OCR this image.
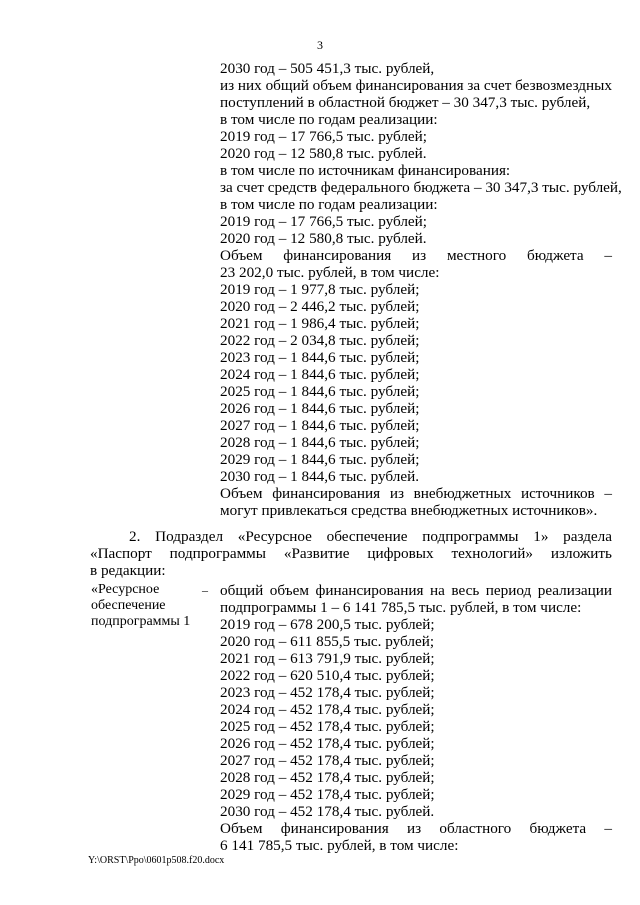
3
2030 год – 505 451,3 тыс. рублей,
из них общий объем финансирования за счет безвозмездных
поступлений в областной бюджет – 30 347,3 тыс. рублей,
в том числе по годам реализации:
2019 год – 17 766,5 тыс. рублей;
2020 год – 12 580,8 тыс. рублей.
в том числе по источникам финансирования:
за счет средств федерального бюджета – 30 347,3 тыс. рублей,
в том числе по годам реализации:
2019 год – 17 766,5 тыс. рублей;
2020 год – 12 580,8 тыс. рублей.
Объем финансирования из местного бюджета –
23 202,0 тыс. рублей, в том числе:
2019 год – 1 977,8 тыс. рублей;
2020 год – 2 446,2 тыс. рублей;
2021 год – 1 986,4 тыс. рублей;
2022 год – 2 034,8 тыс. рублей;
2023 год – 1 844,6 тыс. рублей;
2024 год – 1 844,6 тыс. рублей;
2025 год – 1 844,6 тыс. рублей;
2026 год – 1 844,6 тыс. рублей;
2027 год – 1 844,6 тыс. рублей;
2028 год – 1 844,6 тыс. рублей;
2029 год – 1 844,6 тыс. рублей;
2030 год – 1 844,6 тыс. рублей.
Объем финансирования из внебюджетных источников –
могут привлекаться средства внебюджетных источников».
2. Подраздел «Ресурсное обеспечение подпрограммы 1» раздела
«Паспорт подпрограммы «Развитие цифровых технологий» изложить
в редакции:
«Ресурсное
обеспечение
подпрограммы 1
– общий объем финансирования на весь период реализации
подпрограммы 1 – 6 141 785,5 тыс. рублей, в том числе:
2019 год – 678 200,5 тыс. рублей;
2020 год – 611 855,5 тыс. рублей;
2021 год – 613 791,9 тыс. рублей;
2022 год – 620 510,4 тыс. рублей;
2023 год – 452 178,4 тыс. рублей;
2024 год – 452 178,4 тыс. рублей;
2025 год – 452 178,4 тыс. рублей;
2026 год – 452 178,4 тыс. рублей;
2027 год – 452 178,4 тыс. рублей;
2028 год – 452 178,4 тыс. рублей;
2029 год – 452 178,4 тыс. рублей;
2030 год – 452 178,4 тыс. рублей.
Объем финансирования из областного бюджета –
6 141 785,5 тыс. рублей, в том числе:
Y:\ORST\Ppo\0601p508.f20.docx
